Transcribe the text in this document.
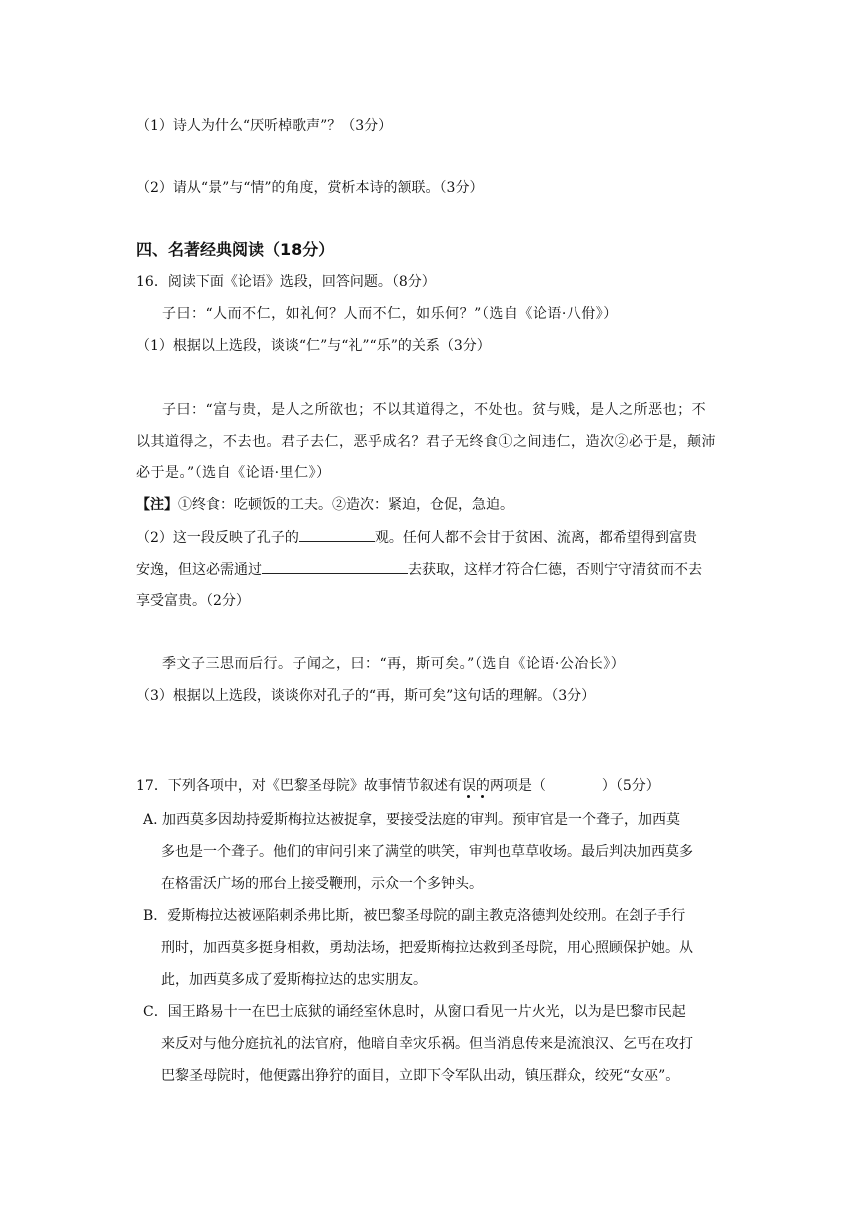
（1）诗人为什么“厌听棹歌声”？（3分）
（2）请从“景”与“情”的角度，赏析本诗的颔联。（3分）
四、名著经典阅读（18分）
16．阅读下面《论语》选段，回答问题。（8分）
子曰：“人而不仁，如礼何？人而不仁，如乐何？”（选自《论语·八佾》）
（1）根据以上选段，谈谈“仁”与“礼”“乐”的关系（3分）
子曰：“富与贵，是人之所欲也；不以其道得之，不处也。贫与贱，是人之所恶也；不
以其道得之，不去也。君子去仁，恶乎成名？君子无终食①之间违仁，造次②必于是，颠沛
必于是。”（选自《论语·里仁》）
【注】①终食：吃顿饭的工夫。②造次：紧迫，仓促，急迫。
（2）这一段反映了孔子的	观。任何人都不会甘于贫困、流离，都希望得到富贵
安逸，但这必需通过	去获取，这样才符合仁德，否则宁守清贫而不去
享受富贵。（2分）
季文子三思而后行。子闻之，曰：“再，斯可矣。”（选自《论语·公冶长》）
（3）根据以上选段，谈谈你对孔子的“再，斯可矣”这句话的理解。（3分）
17．下列各项中，对《巴黎圣母院》故事情节叙述有误的两项是（	）（5分）
A. 加西莫多因劫持爱斯梅拉达被捉拿，要接受法庭的审判。预审官是一个聋子，加西莫
多也是一个聋子。他们的审问引来了满堂的哄笑，审判也草草收场。最后判决加西莫多
在格雷沃广场的邢台上接受鞭刑，示众一个多钟头。
B．爱斯梅拉达被诬陷刺杀弗比斯，被巴黎圣母院的副主教克洛德判处绞刑。在刽子手行
刑时，加西莫多挺身相救，勇劫法场，把爱斯梅拉达救到圣母院，用心照顾保护她。从
此，加西莫多成了爱斯梅拉达的忠实朋友。
C．国王路易十一在巴士底狱的诵经室休息时，从窗口看见一片火光，以为是巴黎市民起
来反对与他分庭抗礼的法官府，他暗自幸灾乐祸。但当消息传来是流浪汉、乞丐在攻打
巴黎圣母院时，他便露出狰狞的面目，立即下令军队出动，镇压群众，绞死“女巫”。
